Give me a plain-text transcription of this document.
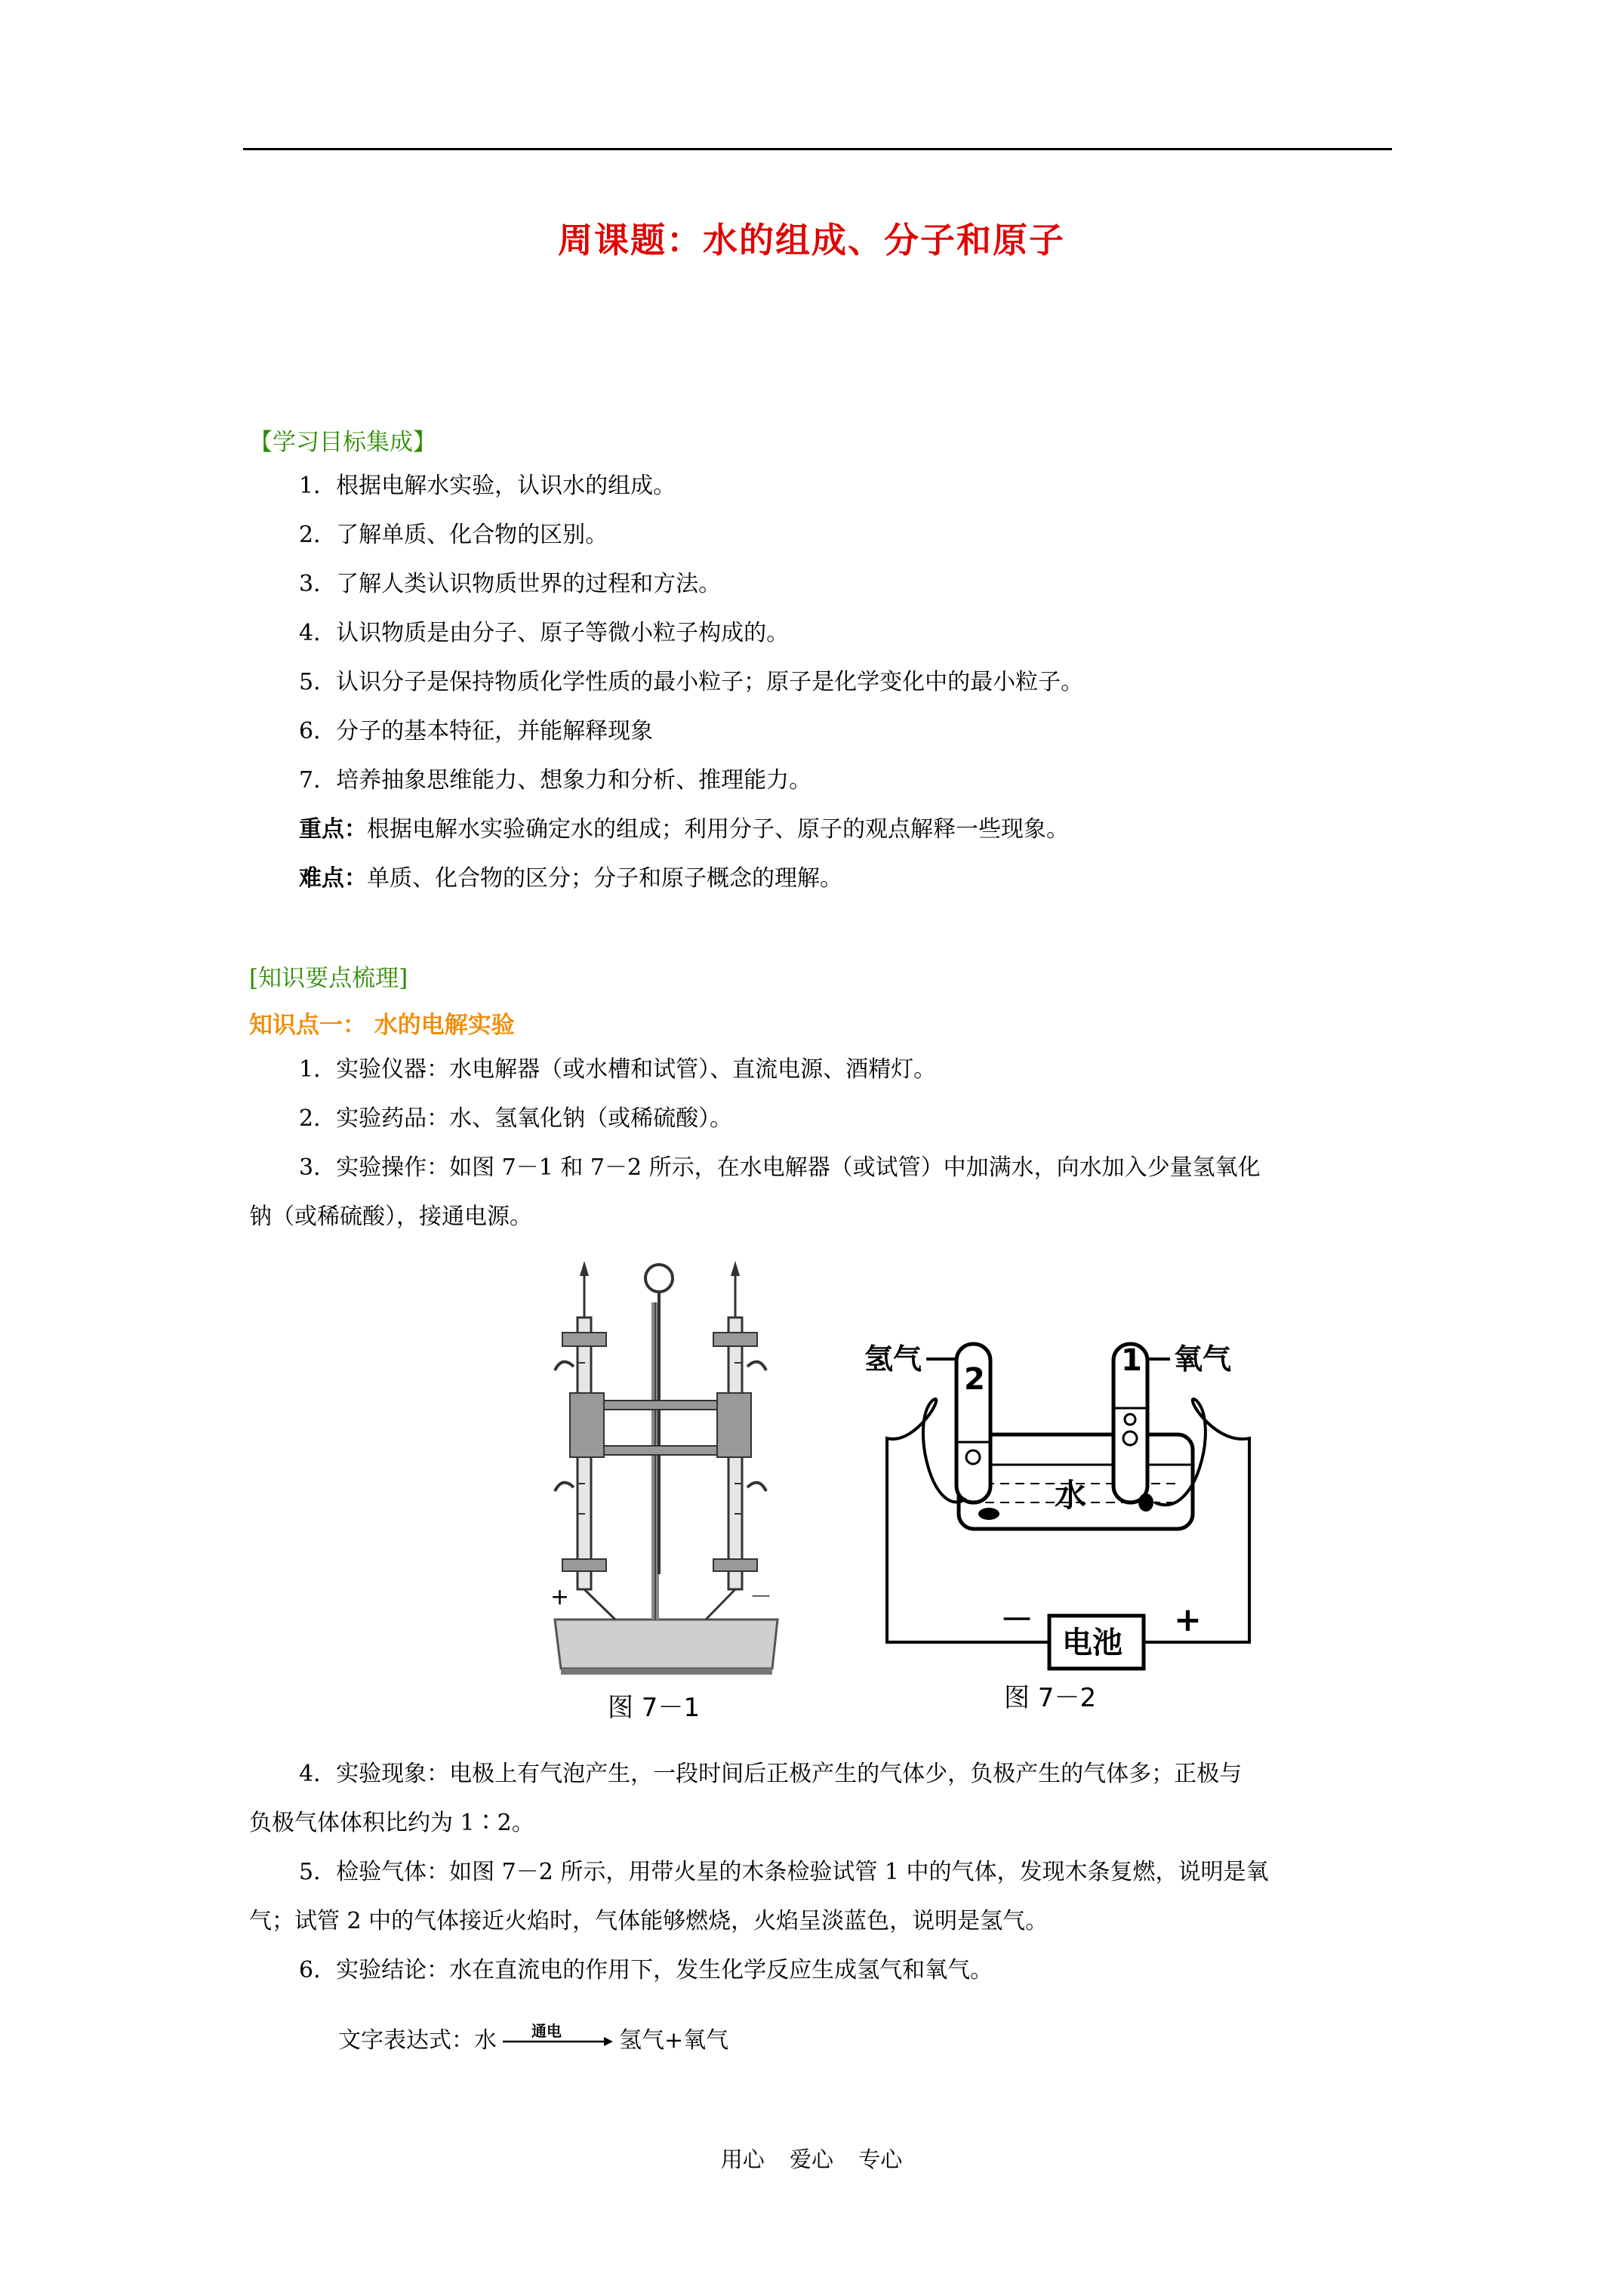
周课题：水的组成、分子和原子
【学习目标集成】
1．根据电解水实验，认识水的组成。
2．了解单质、化合物的区别。
3．了解人类认识物质世界的过程和方法。
4．认识物质是由分子、原子等微小粒子构成的。
5．认识分子是保持物质化学性质的最小粒子；原子是化学变化中的最小粒子。
6．分子的基本特征，并能解释现象
7．培养抽象思维能力、想象力和分析、推理能力。
重点：根据电解水实验确定水的组成；利用分子、原子的观点解释一些现象。
难点：单质、化合物的区分；分子和原子概念的理解。
[知识要点梳理]
知识点一： 水的电解实验
1．实验仪器：水电解器（或水槽和试管）、直流电源、酒精灯。
2．实验药品：水、氢氧化钠（或稀硫酸）。
3．实验操作：如图 7－1 和 7－2 所示，在水电解器（或试管）中加满水，向水加入少量氢氧化
钠（或稀硫酸），接通电源。
+	－
图 7－1
氢气	氧气
2
1
水
电池
－	+
图 7－2
4．实验现象：电极上有气泡产生，一段时间后正极产生的气体少，负极产生的气体多；正极与
负极气体体积比约为 1∶2。
5．检验气体：如图 7－2 所示，用带火星的木条检验试管 1 中的气体，发现木条复燃，说明是氧
气；试管 2 中的气体接近火焰时，气体能够燃烧，火焰呈淡蓝色，说明是氢气。
6．实验结论：水在直流电的作用下，发生化学反应生成氢气和氧气。
文字表达式：水 通电	氢气+氧气
用心 爱心 专心
